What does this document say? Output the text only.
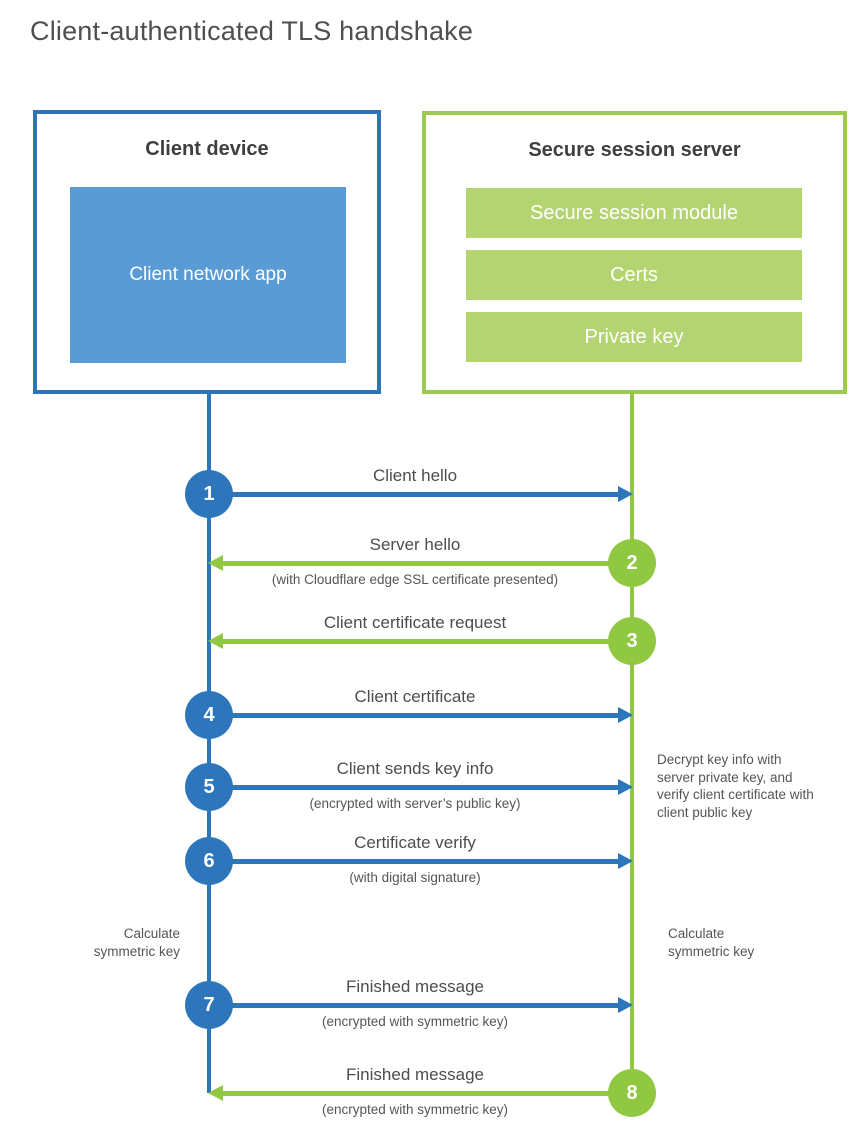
Client-authenticated TLS handshake
Client device
Client network app
Secure session server
Secure session module
Certs
Private key
1
Client hello
2
Server hello
(with Cloudflare edge SSL certificate presented)
3
Client certificate request
4
Client certificate
5
Client sends key info
(encrypted with server’s public key)
6
Certificate verify
(with digital signature)
7
Finished message
(encrypted with symmetric key)
8
Finished message
(encrypted with symmetric key)
Decrypt key info with server private key, and verify client certificate with client public key
Calculate symmetric key
Calculate symmetric key
